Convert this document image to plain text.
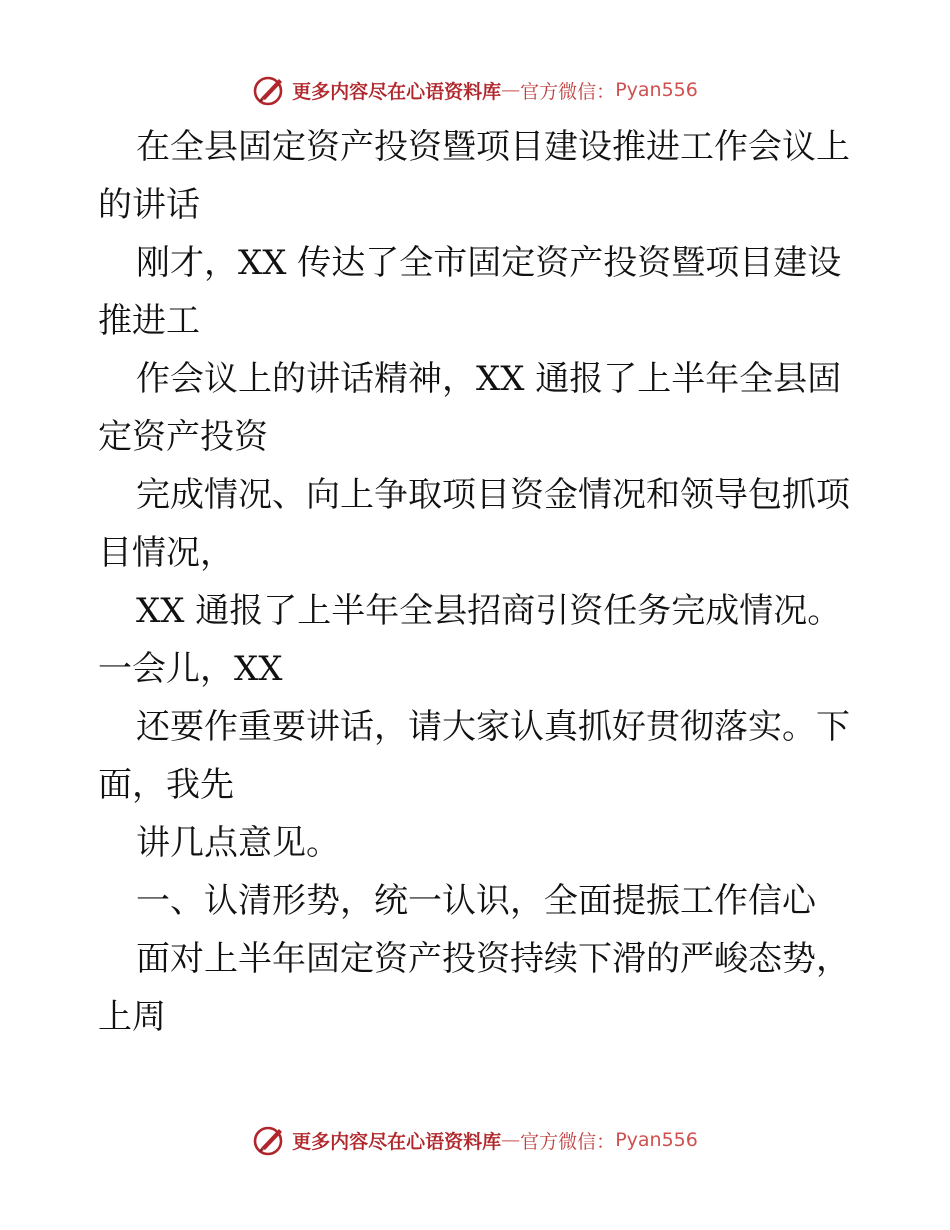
更多内容尽在心语资料库 — 官方微信： Pyan556

在全县固定资产投资暨项目建设推进工作会议上的讲话

刚才，XX 传达了全市固定资产投资暨项目建设推进工

作会议上的讲话精神，XX 通报了上半年全县固定资产投资

完成情况、向上争取项目资金情况和领导包抓项目情况，

XX 通报了上半年全县招商引资任务完成情况。一会儿，XX

还要作重要讲话，请大家认真抓好贯彻落实。下面，我先

讲几点意见。

一、认清形势，统一认识，全面提振工作信心

面对上半年固定资产投资持续下滑的严峻态势，上周

更多内容尽在心语资料库 — 官方微信： Pyan556
